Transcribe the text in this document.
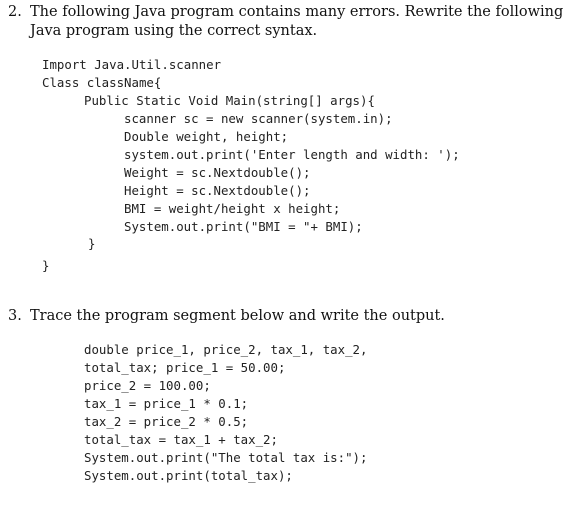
2. The following Java program contains many errors. Rewrite the following
Java program using the correct syntax.
Import Java.Util.scanner
Class className{
Public Static Void Main(string[] args){
scanner sc = new scanner(system.in);
Double weight, height;
system.out.print('Enter length and width: ');
Weight = sc.Nextdouble();
Height = sc.Nextdouble();
BMI = weight/height x height;
System.out.print("BMI = "+ BMI);
}
}
3. Trace the program segment below and write the output.
double price_1, price_2, tax_1, tax_2,
total_tax; price_1 = 50.00;
price_2 = 100.00;
tax_1 = price_1 * 0.1;
tax_2 = price_2 * 0.5;
total_tax = tax_1 + tax_2;
System.out.print("The total tax is:");
System.out.print(total_tax);
